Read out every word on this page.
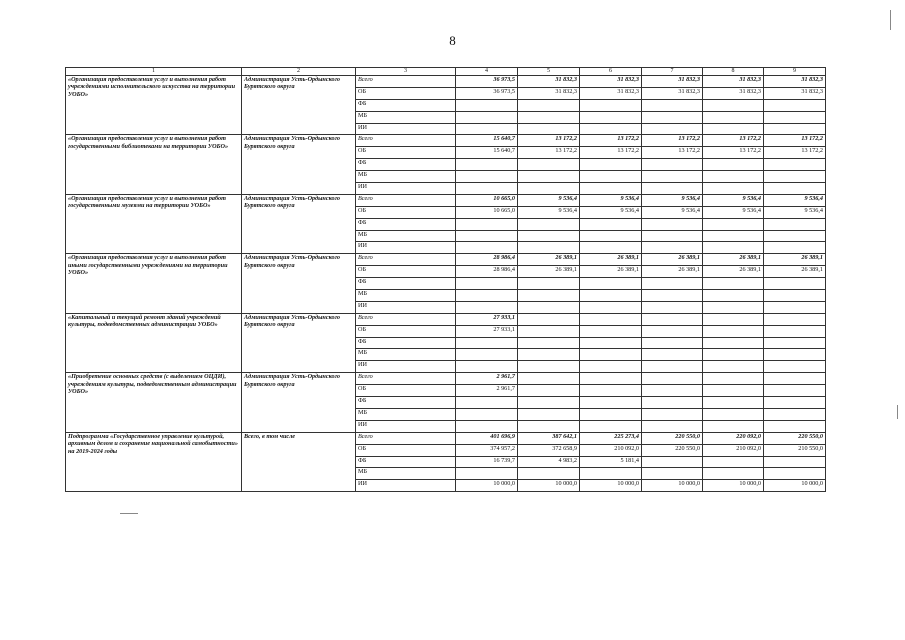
8
1	2	3	4	5	6	7	8	9
«Организация предоставления услуг и выполнения работ учреждениями исполнительского искусства на территории УОБО»	Администрация Усть-Ордынского Бурятского округа	Всего	36 973,5	31 832,3	31 832,3	31 832,3	31 832,3	31 832,3
		ОБ	36 973,5	31 832,3	31 832,3	31 832,3	31 832,3	31 832,3
		ФБ						
		МБ						
		ИИ						
«Организация предоставления услуг и выполнения работ государственными библиотеками на территории УОБО»	Администрация Усть-Ордынского Бурятского округа	Всего	15 640,7	13 172,2	13 172,2	13 172,2	13 172,2	13 172,2
		ОБ	15 640,7	13 172,2	13 172,2	13 172,2	13 172,2	13 172,2
		ФБ						
		МБ						
		ИИ						
«Организация предоставления услуг и выполнения работ государственными музеями на территории УОБО»	Администрация Усть-Ордынского Бурятского округа	Всего	10 665,0	9 536,4	9 536,4	9 536,4	9 536,4	9 536,4
		ОБ	10 665,0	9 536,4	9 536,4	9 536,4	9 536,4	9 536,4
		ФБ						
		МБ						
		ИИ						
«Организация предоставления услуг и выполнения работ иными государственными учреждениями на территории УОБО»	Администрация Усть-Ордынского Бурятского округа	Всего	28 986,4	26 389,1	26 389,1	26 389,1	26 389,1	26 389,1
		ОБ	28 986,4	26 389,1	26 389,1	26 389,1	26 389,1	26 389,1
		ФБ						
		МБ						
		ИИ						
«Капитальный и текущий ремонт зданий учреждений культуры, подведомственных администрации УОБО»	Администрация Усть-Ордынского Бурятского округа	Всего	27 933,1					
		ОБ	27 933,1					
		ФБ						
		МБ						
		ИИ						
«Приобретение основных средств (с выделением ОЦДИ), учреждениям культуры, подведомственным администрации УОБО»	Администрация Усть-Ордынского Бурятского округа	Всего	2 961,7					
		ОБ	2 961,7					
		ФБ						
		МБ						
		ИИ						
Подпрограмма «Государственное управление культурой, архивным делом и сохранение национальной самобытности» на 2019-2024 годы	Всего, в том числе	Всего	401 696,9	387 642,1	225 273,4	220 550,0	220 092,0	220 550,0
		ОБ	374 957,2	372 658,9	210 092,0	220 550,0	210 092,0	210 550,0
		ФБ	16 739,7	4 983,2	5 181,4			
		МБ						
		ИИ	10 000,0	10 000,0	10 000,0	10 000,0	10 000,0	10 000,0
